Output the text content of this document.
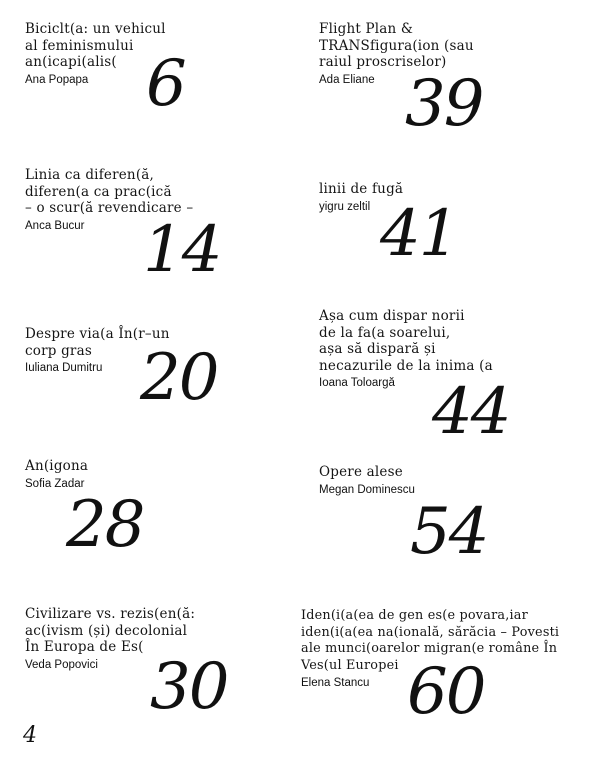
Biciclt(a: un vehicul
al feminismului
an(icapi(alis(
Ana Popapa 6
Linia ca diferen(ă,
diferen(a ca prac(ică
– o scur(ă revendicare –
Anca Bucur 14
Despre via(a În(r–un
corp gras
Iuliana Dumitru 20
An(igona
Sofia Zadar
28
Civilizare vs. rezis(en(ă:
ac(ivism (și) decolonial
În Europa de Es(
Veda Popovici 30
Flight Plan &
TRANSfigura(ion (sau
raiul proscriselor)
Ada Eliane 39
linii de fugă
yigru zeltil 41
Așa cum dispar norii
de la fa(a soarelui,
așa să dispară și
necazurile de la inima (a
Ioana Toloargă 44
Opere alese
Megan Dominescu
54
Iden(i(a(ea de gen es(e povara,iar
iden(i(a(ea na(ională, sărăcia – Povesti
ale munci(oarelor migran(e române În
Ves(ul Europei
Elena Stancu 60
4
